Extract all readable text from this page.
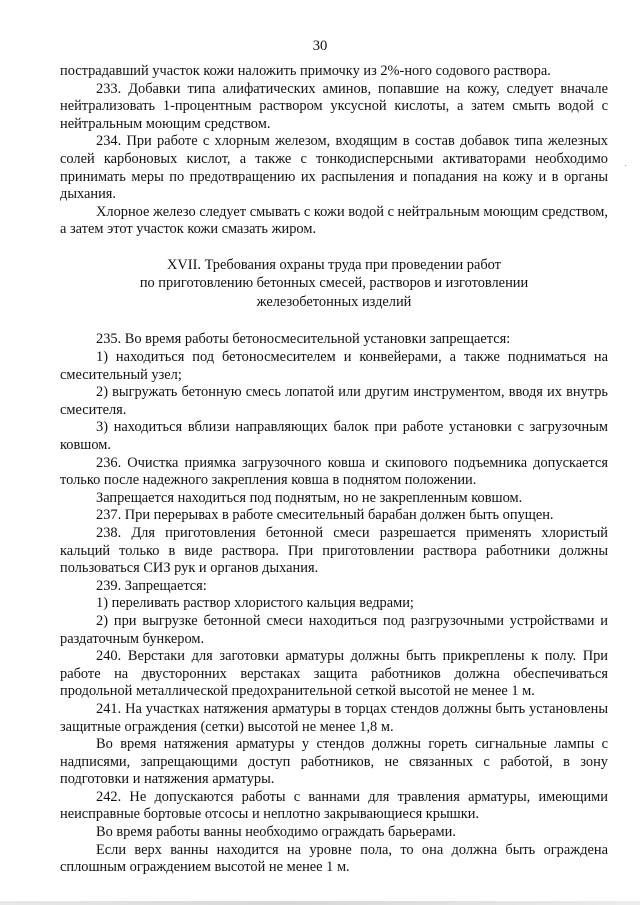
30

пострадавший участок кожи наложить примочку из 2%-ного содового раствора.

233. Добавки типа алифатических аминов, попавшие на кожу, следует вначале нейтрализовать 1-процентным раствором уксусной кислоты, а затем смыть водой с нейтральным моющим средством.

234. При работе с хлорным железом, входящим в состав добавок типа железных солей карбоновых кислот, а также с тонкодисперсными активаторами необходимо принимать меры по предотвращению их распыления и попадания на кожу и в органы дыхания.

Хлорное железо следует смывать с кожи водой с нейтральным моющим средством, а затем этот участок кожи смазать жиром.

XVII. Требования охраны труда при проведении работ
по приготовлению бетонных смесей, растворов и изготовлении
железобетонных изделий

235. Во время работы бетоносмесительной установки запрещается:

1) находиться под бетоносмесителем и конвейерами, а также подниматься на смесительный узел;

2) выгружать бетонную смесь лопатой или другим инструментом, вводя их внутрь смесителя.

3) находиться вблизи направляющих балок при работе установки с загрузочным ковшом.

236. Очистка приямка загрузочного ковша и скипового подъемника допускается только после надежного закрепления ковша в поднятом положении.

Запрещается находиться под поднятым, но не закрепленным ковшом.

237. При перерывах в работе смесительный барабан должен быть опущен.

238. Для приготовления бетонной смеси разрешается применять хлористый кальций только в виде раствора. При приготовлении раствора работники должны пользоваться СИЗ рук и органов дыхания.

239. Запрещается:

1) переливать раствор хлористого кальция ведрами;

2) при выгрузке бетонной смеси находиться под разгрузочными устройствами и раздаточным бункером.

240. Верстаки для заготовки арматуры должны быть прикреплены к полу. При работе на двусторонних верстаках защита работников должна обеспечиваться продольной металлической предохранительной сеткой высотой не менее 1 м.

241. На участках натяжения арматуры в торцах стендов должны быть установлены защитные ограждения (сетки) высотой не менее 1,8 м.

Во время натяжения арматуры у стендов должны гореть сигнальные лампы с надписями, запрещающими доступ работников, не связанных с работой, в зону подготовки и натяжения арматуры.

242. Не допускаются работы с ваннами для травления арматуры, имеющими неисправные бортовые отсосы и неплотно закрывающиеся крышки.

Во время работы ванны необходимо ограждать барьерами.

Если верх ванны находится на уровне пола, то она должна быть ограждена сплошным ограждением высотой не менее 1 м.

·
